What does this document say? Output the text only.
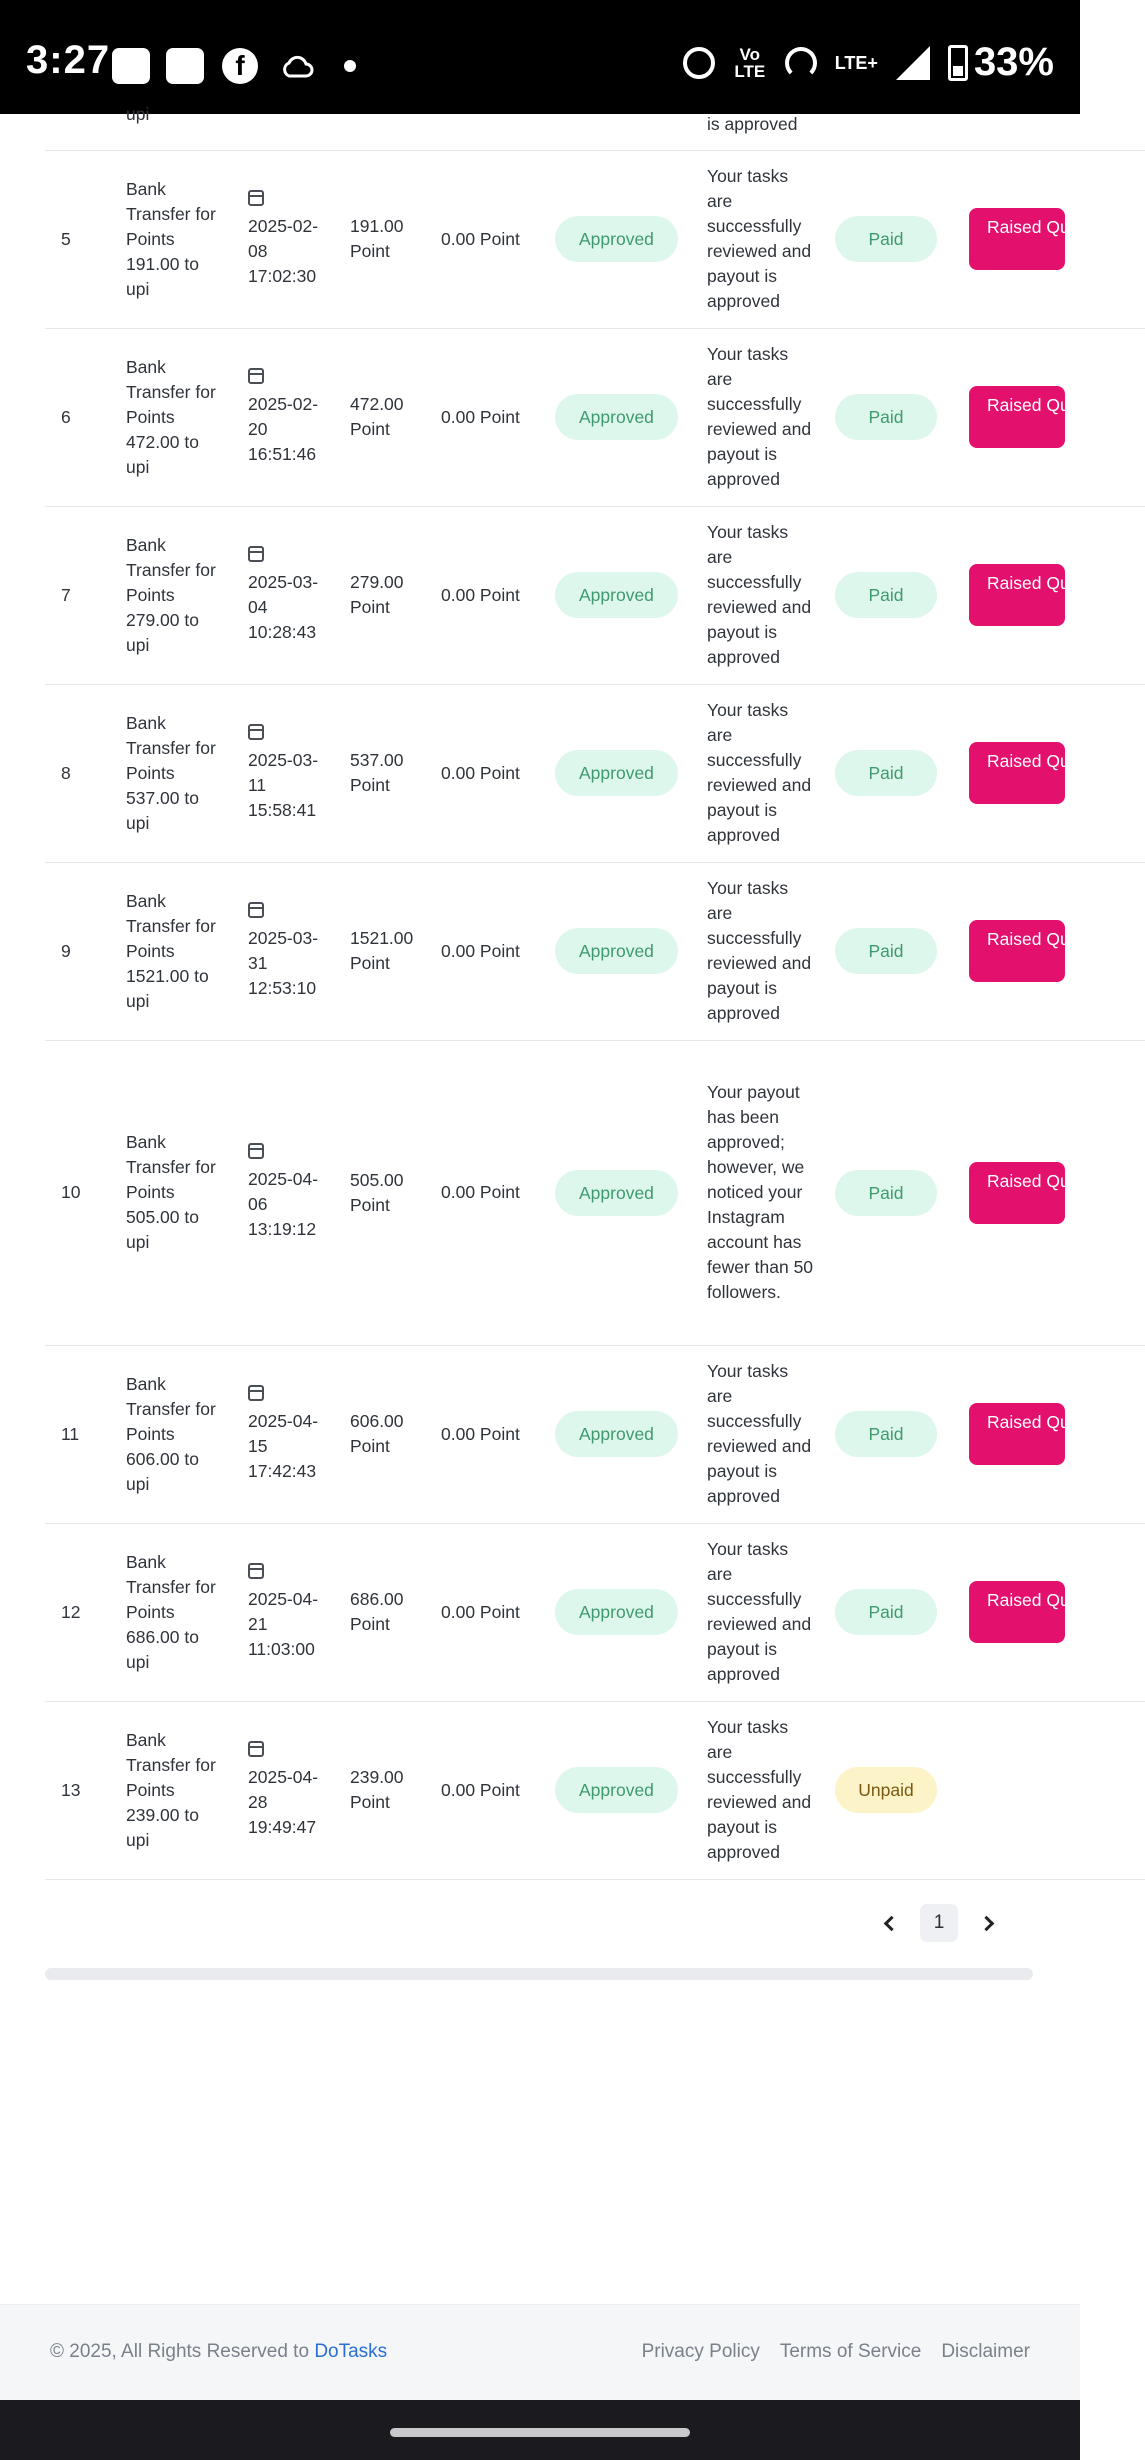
3:27	f	Vo LTE	LTE+ 33%

	upi					is approved		

5	Bank Transfer for Points 191.00 to upi	2025-02-08 17:02:30	191.00 Point	0.00 Point	Approved	Your tasks are successfully reviewed and payout is approved	Paid	Raised Query
6	Bank Transfer for Points 472.00 to upi	2025-02-20 16:51:46	472.00 Point	0.00 Point	Approved	Your tasks are successfully reviewed and payout is approved	Paid	Raised Query
7	Bank Transfer for Points 279.00 to upi	2025-03-04 10:28:43	279.00 Point	0.00 Point	Approved	Your tasks are successfully reviewed and payout is approved	Paid	Raised Query
8	Bank Transfer for Points 537.00 to upi	2025-03-11 15:58:41	537.00 Point	0.00 Point	Approved	Your tasks are successfully reviewed and payout is approved	Paid	Raised Query
9	Bank Transfer for Points 1521.00 to upi	2025-03-31 12:53:10	1521.00 Point	0.00 Point	Approved	Your tasks are successfully reviewed and payout is approved	Paid	Raised Query
10	Bank Transfer for Points 505.00 to upi	2025-04-06 13:19:12	505.00 Point	0.00 Point	Approved	Your payout has been approved; however, we noticed your Instagram account has fewer than 50 followers.	Paid	Raised Query
11	Bank Transfer for Points 606.00 to upi	2025-04-15 17:42:43	606.00 Point	0.00 Point	Approved	Your tasks are successfully reviewed and payout is approved	Paid	Raised Query
12	Bank Transfer for Points 686.00 to upi	2025-04-21 11:03:00	686.00 Point	0.00 Point	Approved	Your tasks are successfully reviewed and payout is approved	Paid	Raised Query
13	Bank Transfer for Points 239.00 to upi	2025-04-28 19:49:47	239.00 Point	0.00 Point	Approved	Your tasks are successfully reviewed and payout is approved	Unpaid	
1
© 2025, All Rights Reserved to DoTasks	Privacy Policy Terms of Service Disclaimer
